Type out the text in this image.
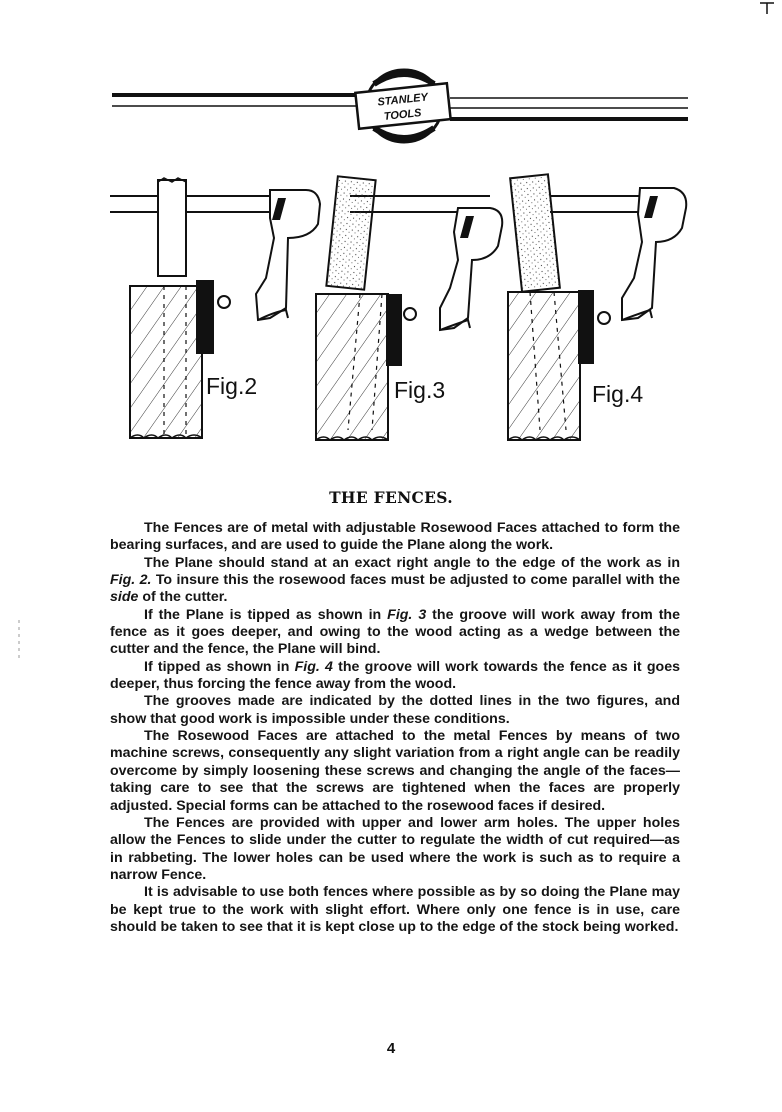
STANLEY
TOOLS
Fig.2	Fig.3	Fig.4
THE FENCES.

The Fences are of metal with adjustable Rosewood Faces attached to form the bearing surfaces, and are used to guide the Plane along the work.

The Plane should stand at an exact right angle to the edge of the work as in Fig. 2. To insure this the rosewood faces must be adjusted to come parallel with the side of the cutter.

If the Plane is tipped as shown in Fig. 3 the groove will work away from the fence as it goes deeper, and owing to the wood acting as a wedge between the cutter and the fence, the Plane will bind.

If tipped as shown in Fig. 4 the groove will work towards the fence as it goes deeper, thus forcing the fence away from the wood.

The grooves made are indicated by the dotted lines in the two figures, and show that good work is impossible under these conditions.

The Rosewood Faces are attached to the metal Fences by means of two machine screws, consequently any slight variation from a right angle can be readily overcome by simply loosening these screws and changing the angle of the faces—taking care to see that the screws are tightened when the faces are properly adjusted. Special forms can be attached to the rosewood faces if desired.

The Fences are provided with upper and lower arm holes. The upper holes allow the Fences to slide under the cutter to regulate the width of cut required—as in rabbeting. The lower holes can be used where the work is such as to require a narrow Fence.

It is advisable to use both fences where possible as by so doing the Plane may be kept true to the work with slight effort. Where only one fence is in use, care should be taken to see that it is kept close up to the edge of the stock being worked.

4
